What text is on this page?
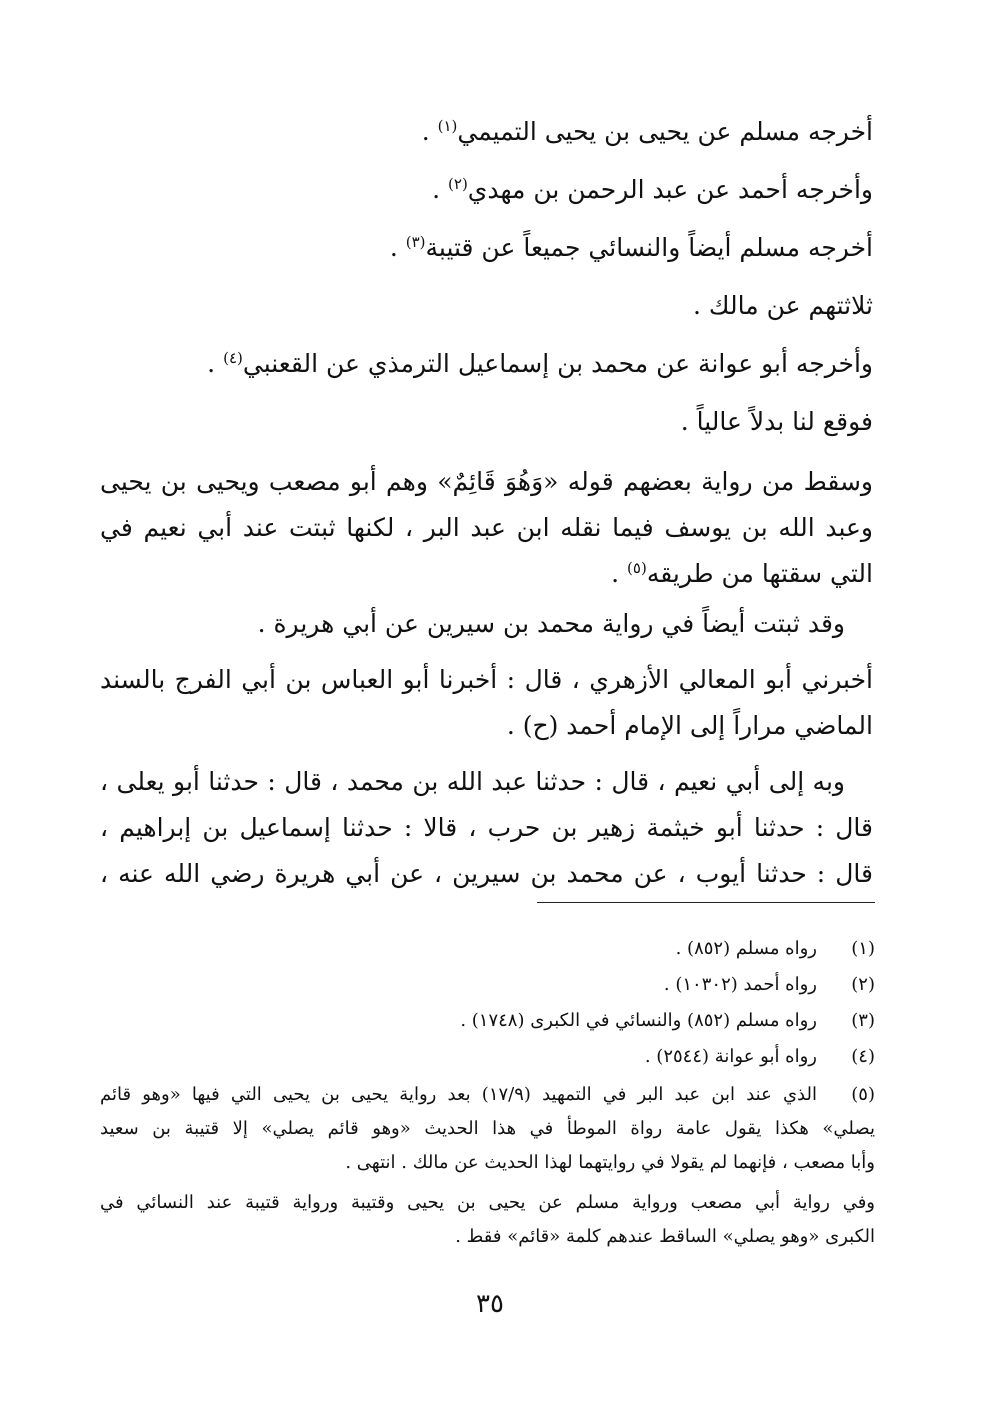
أخرجه مسلم عن يحيى بن يحيى التميمي$^{(١)}$ .
وأخرجه أحمد عن عبد الرحمن بن مهدي$^{(٢)}$ .
أخرجه مسلم أيضاً والنسائي جميعاً عن قتيبة$^{(٣)}$ .
ثلاثتهم عن مالك .
وأخرجه أبو عوانة عن محمد بن إسماعيل الترمذي عن القعنبي$^{(٤)}$ .
فوقع لنا بدلاً عالياً .
وسقط من رواية بعضهم قوله «وَهُوَ قَائِمٌ» وهم أبو مصعب ويحيى بن يحيى
وعبد الله بن يوسف فيما نقله ابن عبد البر ، لكنها ثبتت عند أبي نعيم في
التي سقتها من طريقه$^{(٥)}$ .
وقد ثبتت أيضاً في رواية محمد بن سيرين عن أبي هريرة .
أخبرني أبو المعالي الأزهري ، قال : أخبرنا أبو العباس بن أبي الفرج بالسند
الماضي مراراً إلى الإمام أحمد (ح) .
وبه إلى أبي نعيم ، قال : حدثنا عبد الله بن محمد ، قال : حدثنا أبو يعلى ،
قال : حدثنا أبو خيثمة زهير بن حرب ، قالا : حدثنا إسماعيل بن إبراهيم ،
قال : حدثنا أيوب ، عن محمد بن سيرين ، عن أبي هريرة رضي الله عنه ،
(١)
رواه مسلم (٨٥٢) .
(٢)
رواه أحمد (١٠٣٠٢) .
(٣)
رواه مسلم (٨٥٢) والنسائي في الكبرى (١٧٤٨) .
(٤)
رواه أبو عوانة (٢٥٤٤) .
(٥)
الذي عند ابن عبد البر في التمهيد (١٧/٩) بعد رواية يحيى بن يحيى التي فيها «وهو قائم
يصلي» هكذا يقول عامة رواة الموطأ في هذا الحديث «وهو قائم يصلي» إلا قتيبة بن سعيد
وأبا مصعب ، فإنهما لم يقولا في روايتهما لهذا الحديث عن مالك . انتهى .
وفي رواية أبي مصعب ورواية مسلم عن يحيى بن يحيى وقتيبة ورواية قتيبة عند النسائي في
الكبرى «وهو يصلي» الساقط عندهم كلمة «قائم» فقط .
٣٥
